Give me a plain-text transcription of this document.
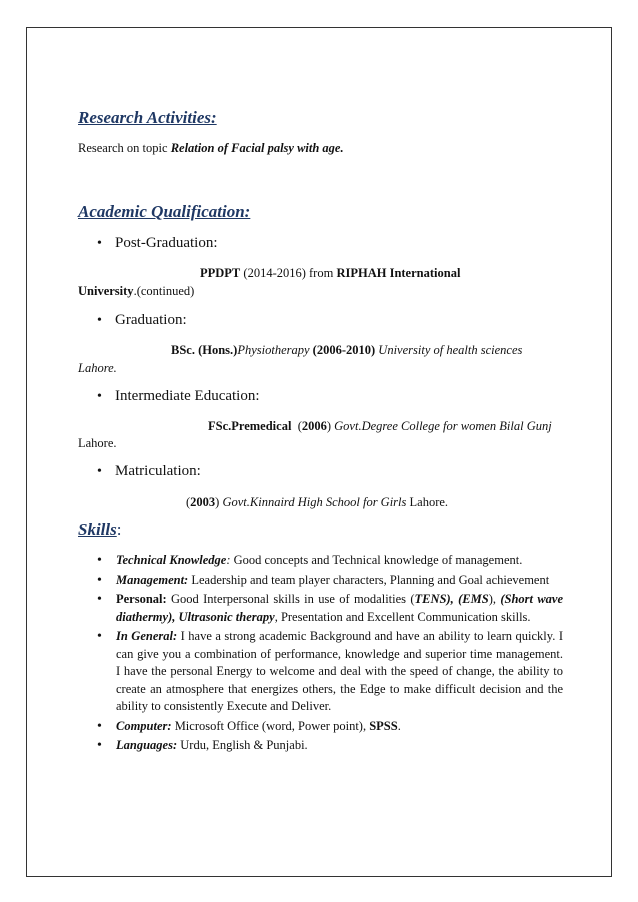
Research Activities:
Research on topic Relation of Facial palsy with age.
Academic Qualification:
• Post-Graduation:
PPDPT (2014-2016) from RIPHAH International
University.(continued)
• Graduation:
BSc. (Hons.)Physiotherapy (2006-2010) University of health sciences
Lahore.
• Intermediate Education:
FSc.Premedical (2006) Govt.Degree College for women Bilal Gunj
Lahore.
• Matriculation:
(2003) Govt.Kinnaird High School for Girls Lahore.
Skills:
•	Technical Knowledge: Good concepts and Technical knowledge of management.
•	Management: Leadership and team player characters, Planning and Goal achievement
•	Personal: Good Interpersonal skills in use of modalities (TENS), (EMS), (Short wave diathermy), Ultrasonic therapy, Presentation and Excellent Communication skills.
•	In General: I have a strong academic Background and have an ability to learn quickly. I can give you a combination of performance, knowledge and superior time management. I have the personal Energy to welcome and deal with the speed of change, the ability to create an atmosphere that energizes others, the Edge to make difficult decision and the ability to consistently Execute and Deliver.
•	Computer: Microsoft Office (word, Power point), SPSS.
•	Languages: Urdu, English & Punjabi.
